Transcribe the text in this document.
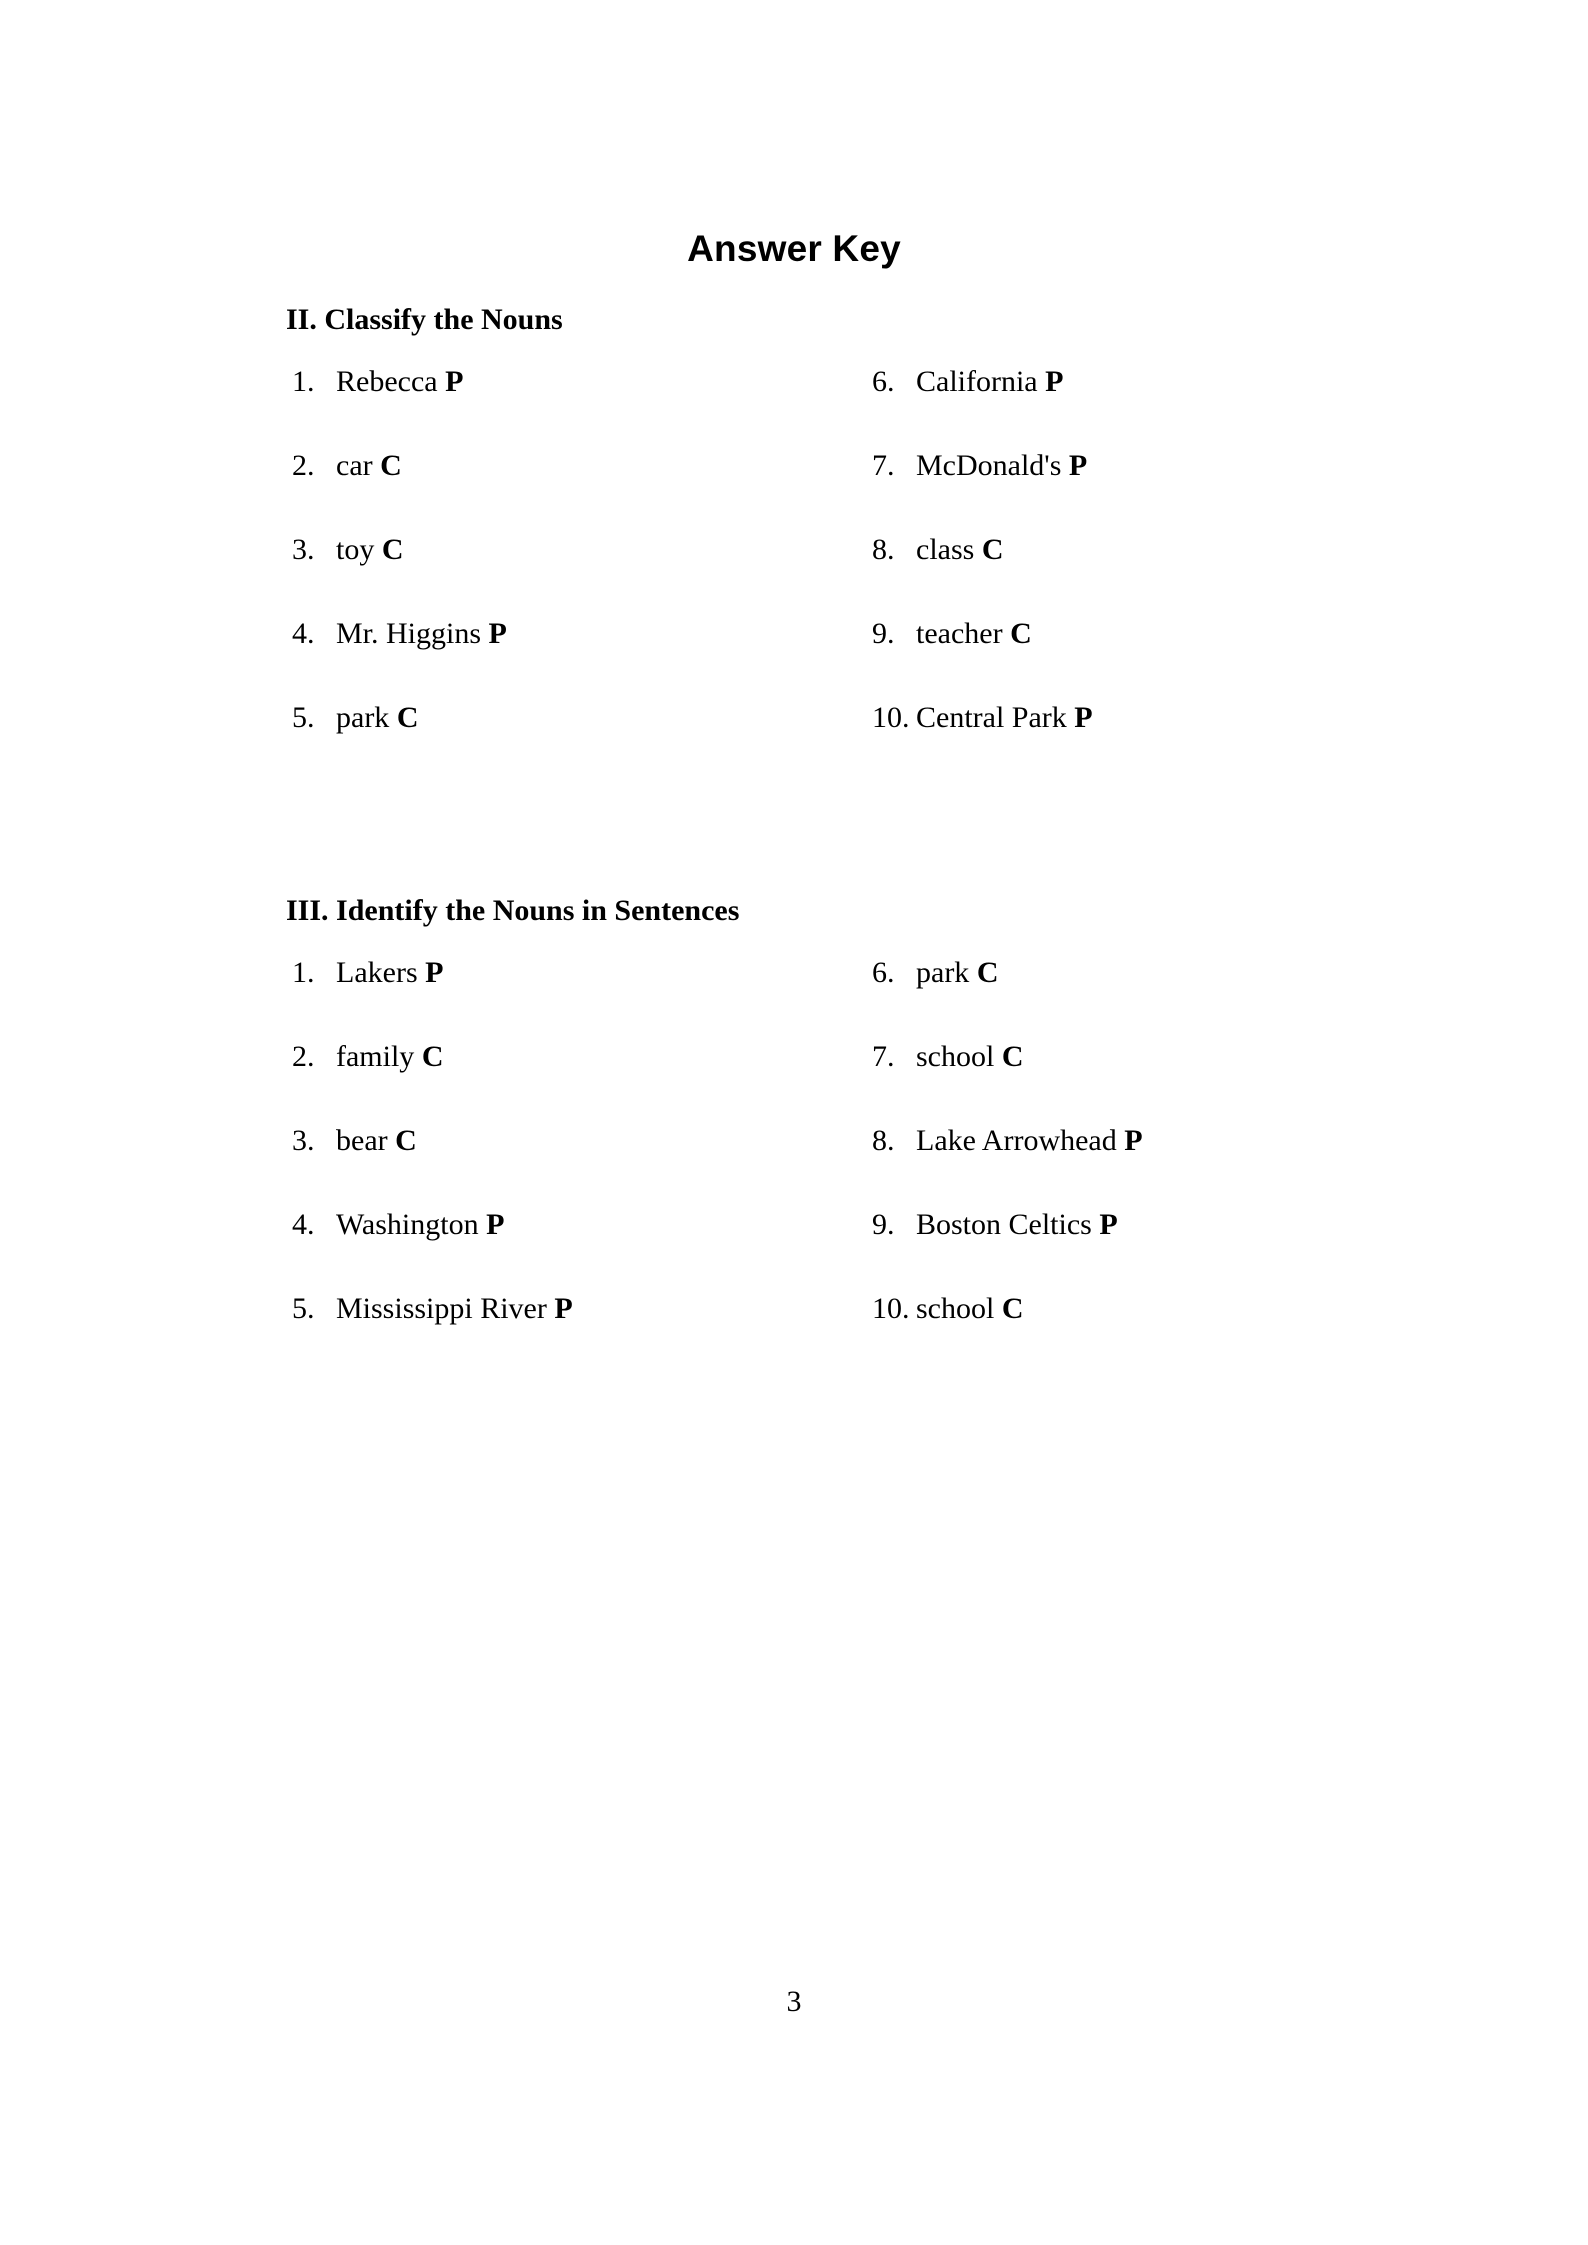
Answer Key
II. Classify the Nouns
1. Rebecca P	6. California P
2. car C	7. McDonald's P
3. toy C	8. class C
4. Mr. Higgins P	9. teacher C
5. park C	10. Central Park P
III. Identify the Nouns in Sentences
1. Lakers P	6. park C
2. family C	7. school C
3. bear C	8. Lake Arrowhead P
4. Washington P	9. Boston Celtics P
5. Mississippi River P	10. school C
3
